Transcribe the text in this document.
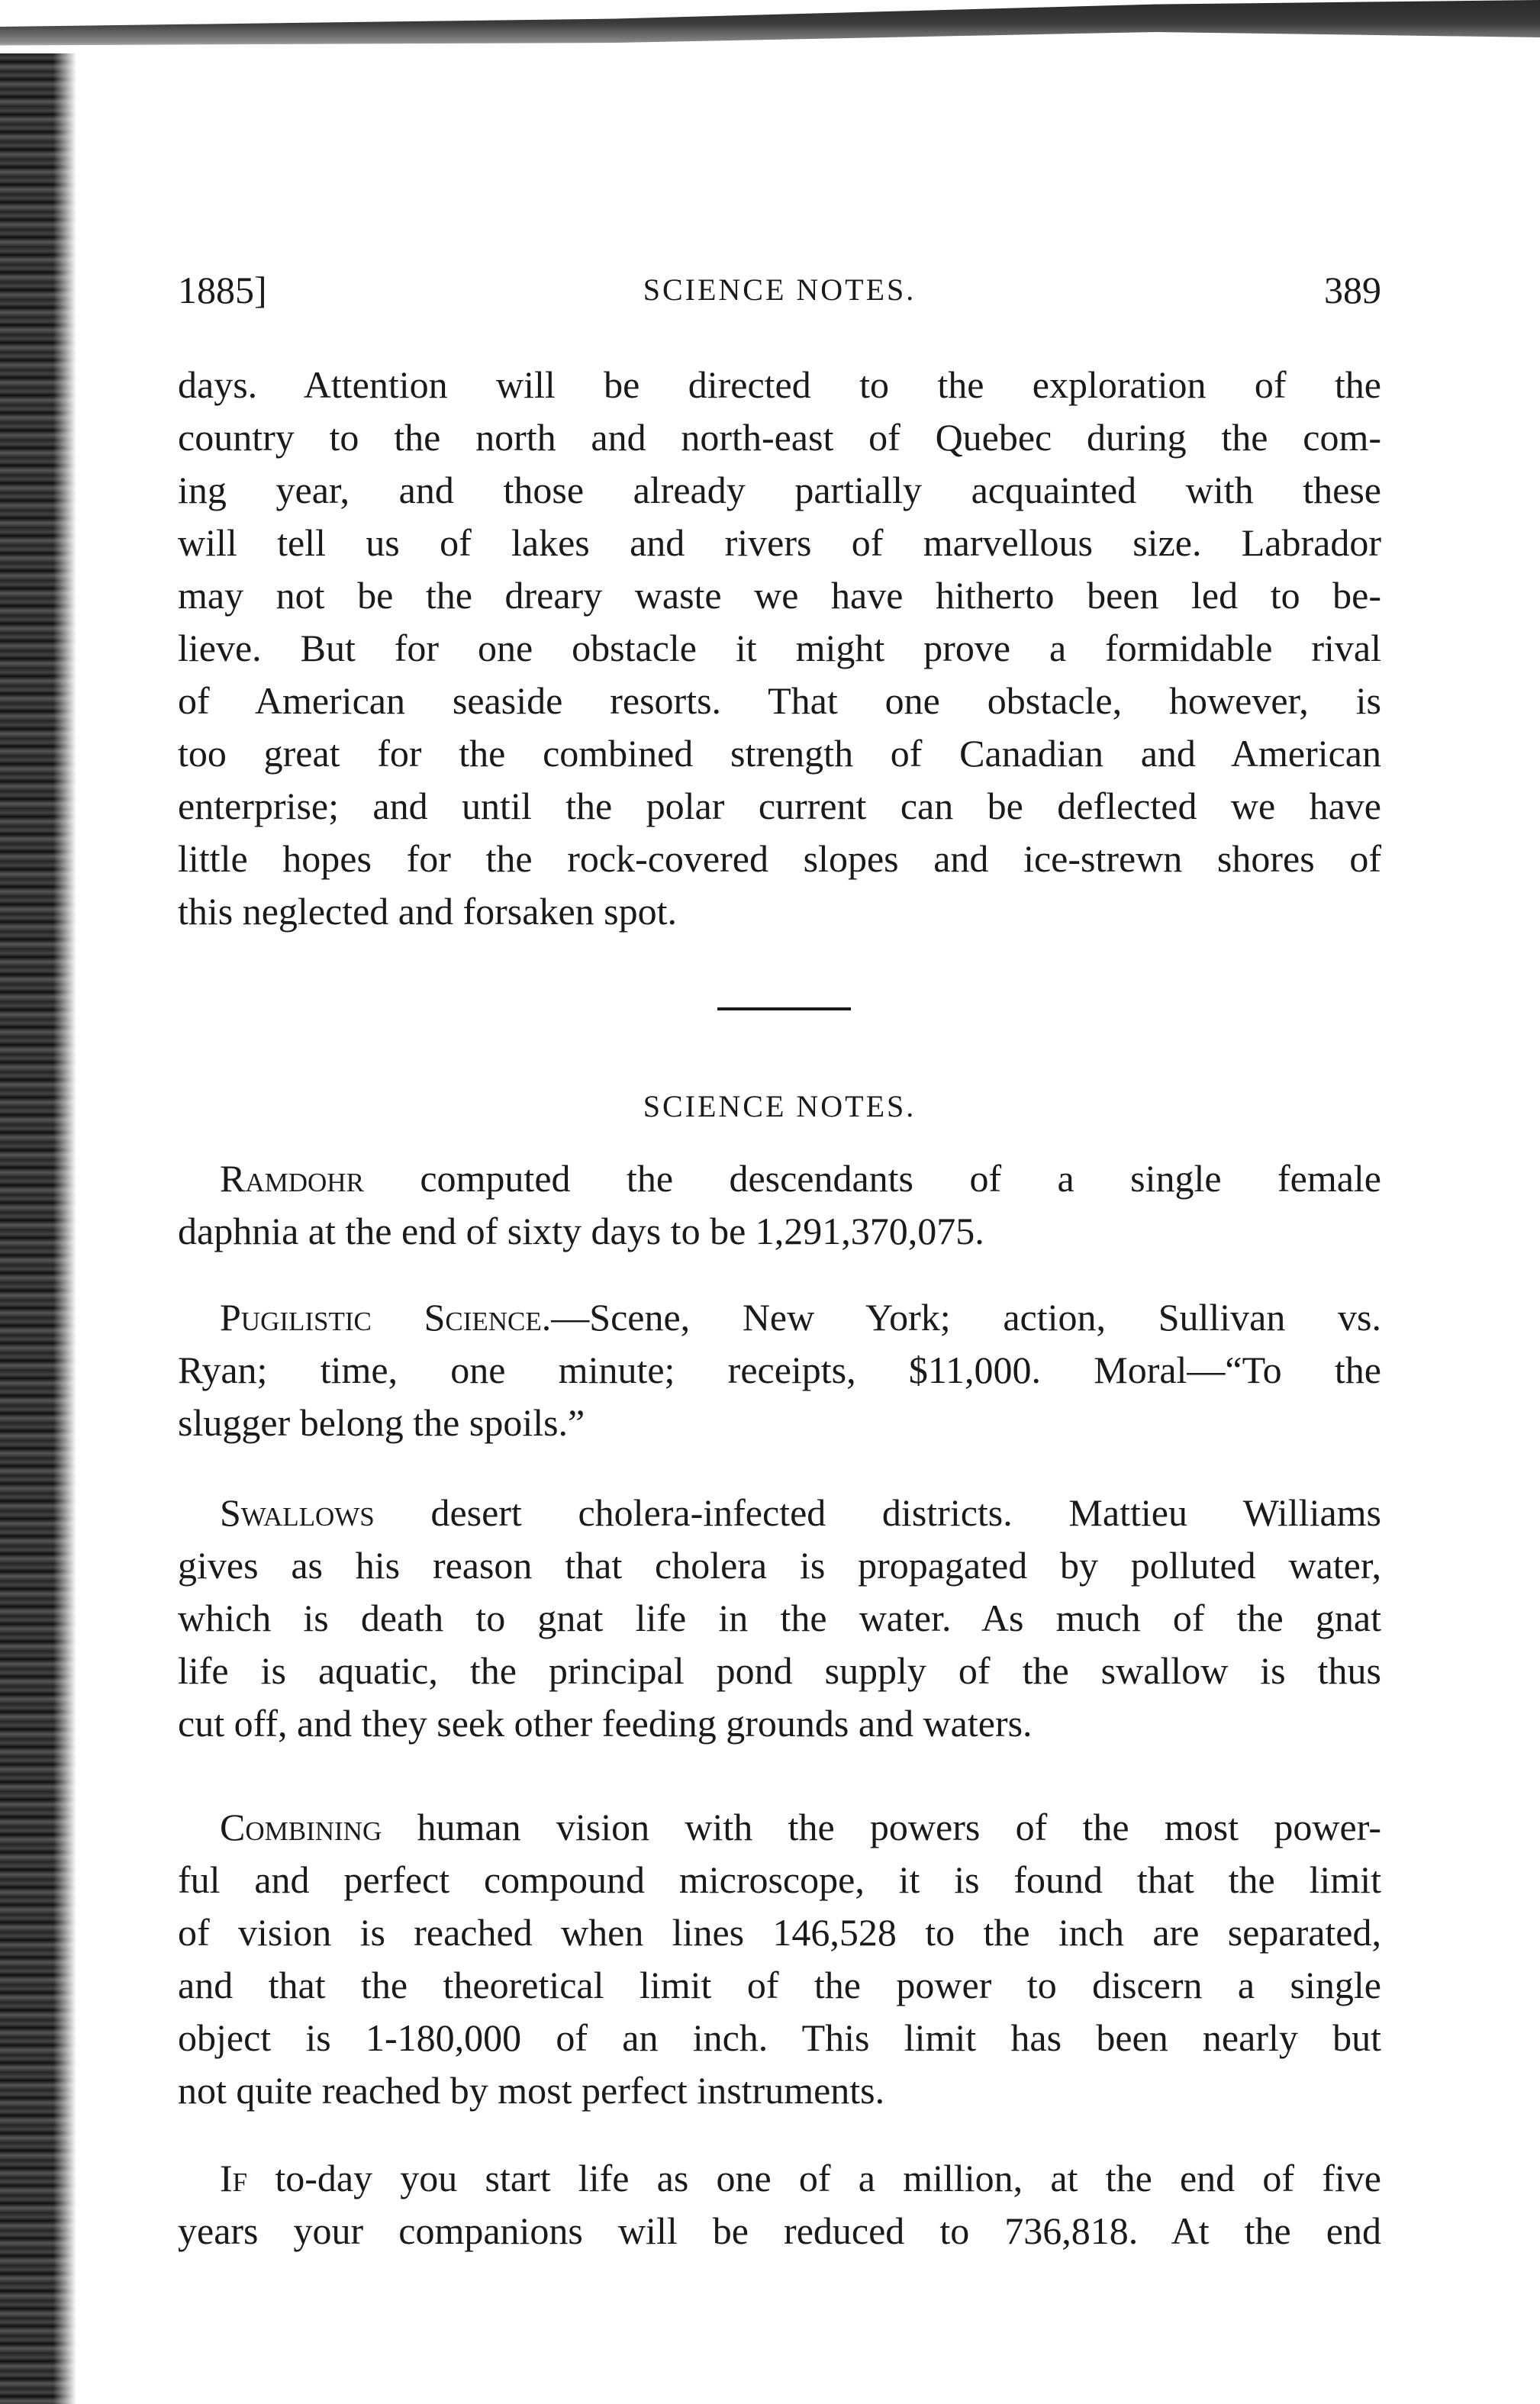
1885]	SCIENCE NOTES.	389
days. Attention will be directed to the exploration of the
country to the north and north-east of Quebec during the com-
ing year, and those already partially acquainted with these
will tell us of lakes and rivers of marvellous size. Labrador
may not be the dreary waste we have hitherto been led to be-
lieve. But for one obstacle it might prove a formidable rival
of American seaside resorts. That one obstacle, however, is
too great for the combined strength of Canadian and American
enterprise; and until the polar current can be deflected we have
little hopes for the rock-covered slopes and ice-strewn shores of
this neglected and forsaken spot.
SCIENCE NOTES.
Ramdohr computed the descendants of a single female
daphnia at the end of sixty days to be 1,291,370,075.
Pugilistic Science.—Scene, New York; action, Sullivan vs.
Ryan; time, one minute; receipts, $11,000. Moral—“To the
slugger belong the spoils.”
Swallows desert cholera-infected districts. Mattieu Williams
gives as his reason that cholera is propagated by polluted water,
which is death to gnat life in the water. As much of the gnat
life is aquatic, the principal pond supply of the swallow is thus
cut off, and they seek other feeding grounds and waters.
Combining human vision with the powers of the most power-
ful and perfect compound microscope, it is found that the limit
of vision is reached when lines 146,528 to the inch are separated,
and that the theoretical limit of the power to discern a single
object is 1-180,000 of an inch. This limit has been nearly but
not quite reached by most perfect instruments.
If to-day you start life as one of a million, at the end of five
years your companions will be reduced to 736,818. At the end
